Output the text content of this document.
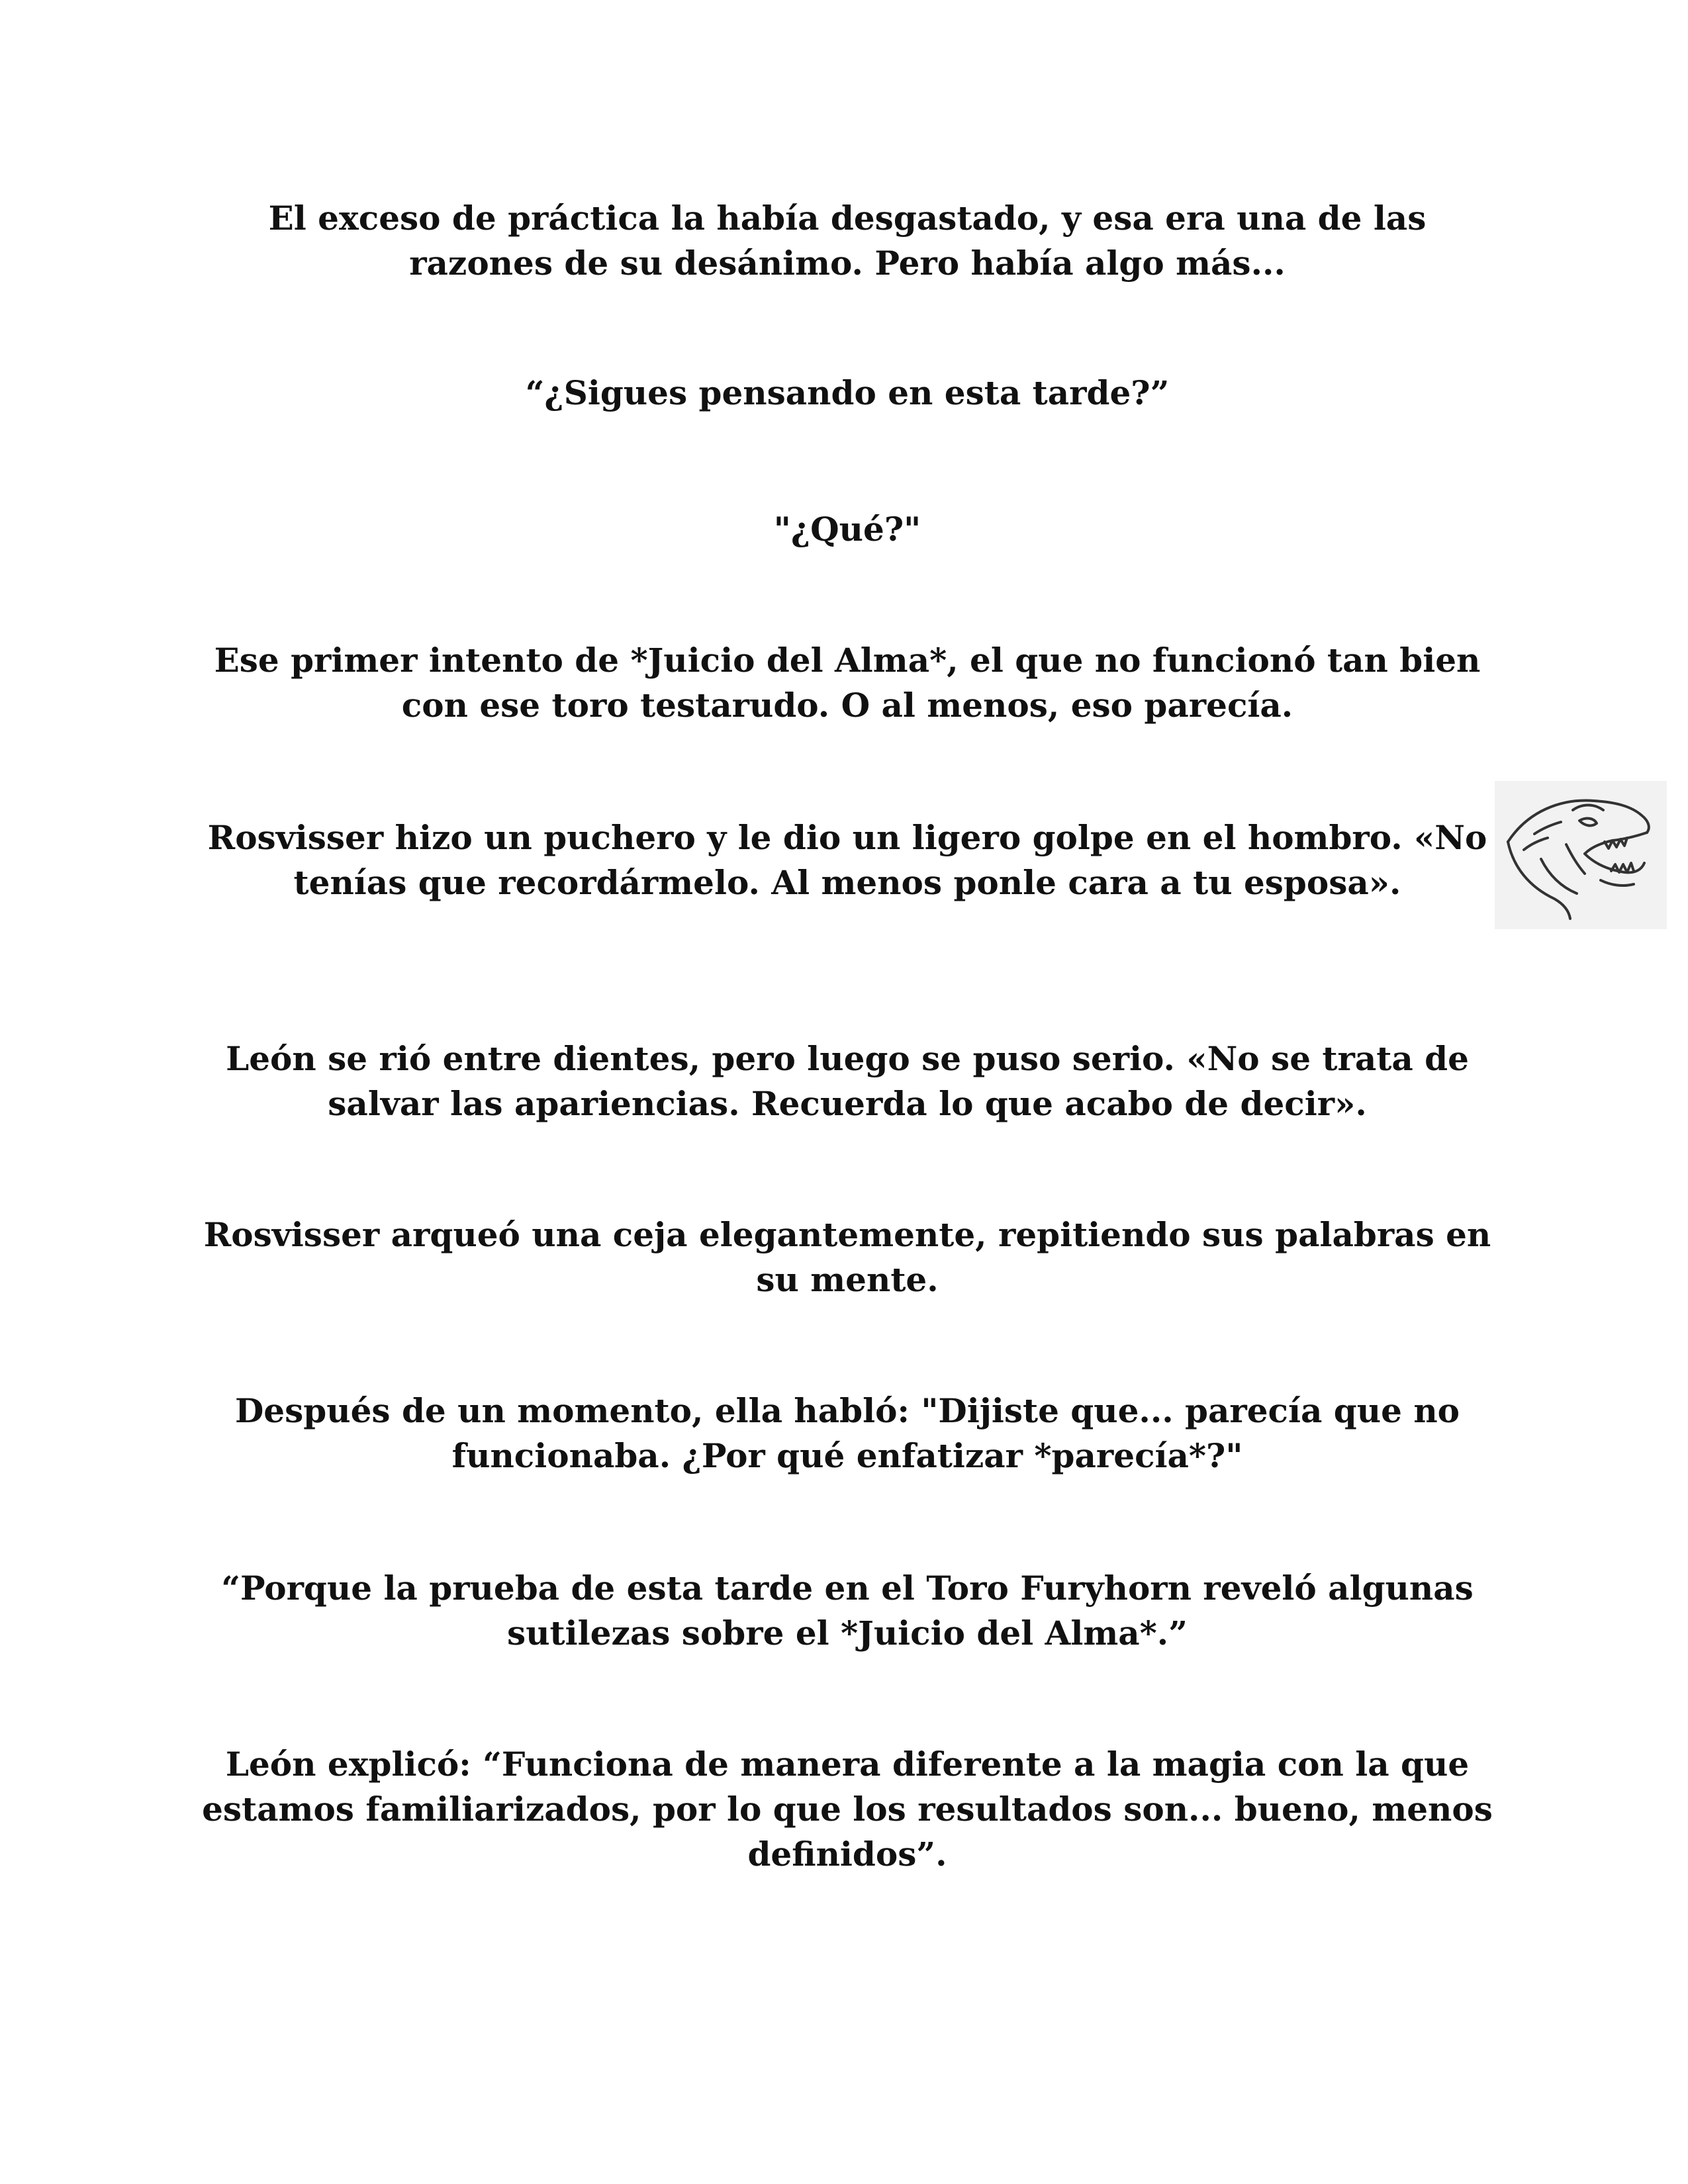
El exceso de práctica la había desgastado, y esa era una de las razones de su desánimo. Pero había algo más...

“¿Sigues pensando en esta tarde?”

"¿Qué?"

Ese primer intento de *Juicio del Alma*, el que no funcionó tan bien con ese toro testarudo. O al menos, eso parecía.

Rosvisser hizo un puchero y le dio un ligero golpe en el hombro. «No tenías que recordármelo. Al menos ponle cara a tu esposa».

León se rió entre dientes, pero luego se puso serio. «No se trata de salvar las apariencias. Recuerda lo que acabo de decir».

Rosvisser arqueó una ceja elegantemente, repitiendo sus palabras en su mente.

Después de un momento, ella habló: "Dijiste que... parecía que no funcionaba. ¿Por qué enfatizar *parecía*?"

“Porque la prueba de esta tarde en el Toro Furyhorn reveló algunas sutilezas sobre el *Juicio del Alma*.”

León explicó: “Funciona de manera diferente a la magia con la que estamos familiarizados, por lo que los resultados son... bueno, menos definidos”.
